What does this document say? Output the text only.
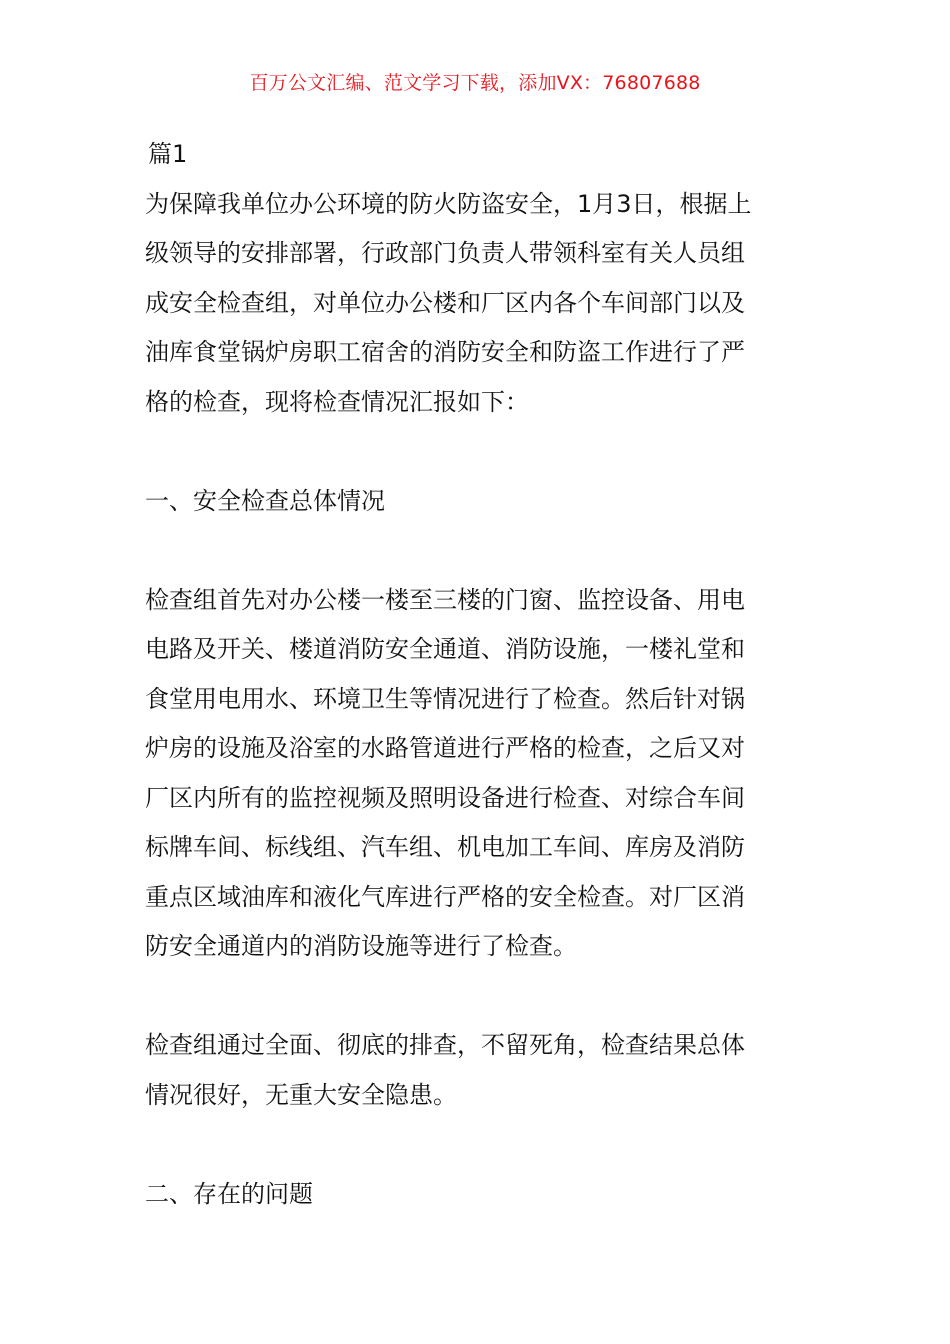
百万公文汇编、范文学习下载，添加VX：76807688

篇1

为保障我单位办公环境的防火防盗安全，1月3日，根据上

级领导的安排部署，行政部门负责人带领科室有关人员组

成安全检查组，对单位办公楼和厂区内各个车间部门以及

油库食堂锅炉房职工宿舍的消防安全和防盗工作进行了严

格的检查，现将检查情况汇报如下：

一、安全检查总体情况

检查组首先对办公楼一楼至三楼的门窗、监控设备、用电

电路及开关、楼道消防安全通道、消防设施，一楼礼堂和

食堂用电用水、环境卫生等情况进行了检查。然后针对锅

炉房的设施及浴室的水路管道进行严格的检查，之后又对

厂区内所有的监控视频及照明设备进行检查、对综合车间

标牌车间、标线组、汽车组、机电加工车间、库房及消防

重点区域油库和液化气库进行严格的安全检查。对厂区消

防安全通道内的消防设施等进行了检查。

检查组通过全面、彻底的排查，不留死角，检查结果总体

情况很好，无重大安全隐患。

二、存在的问题
